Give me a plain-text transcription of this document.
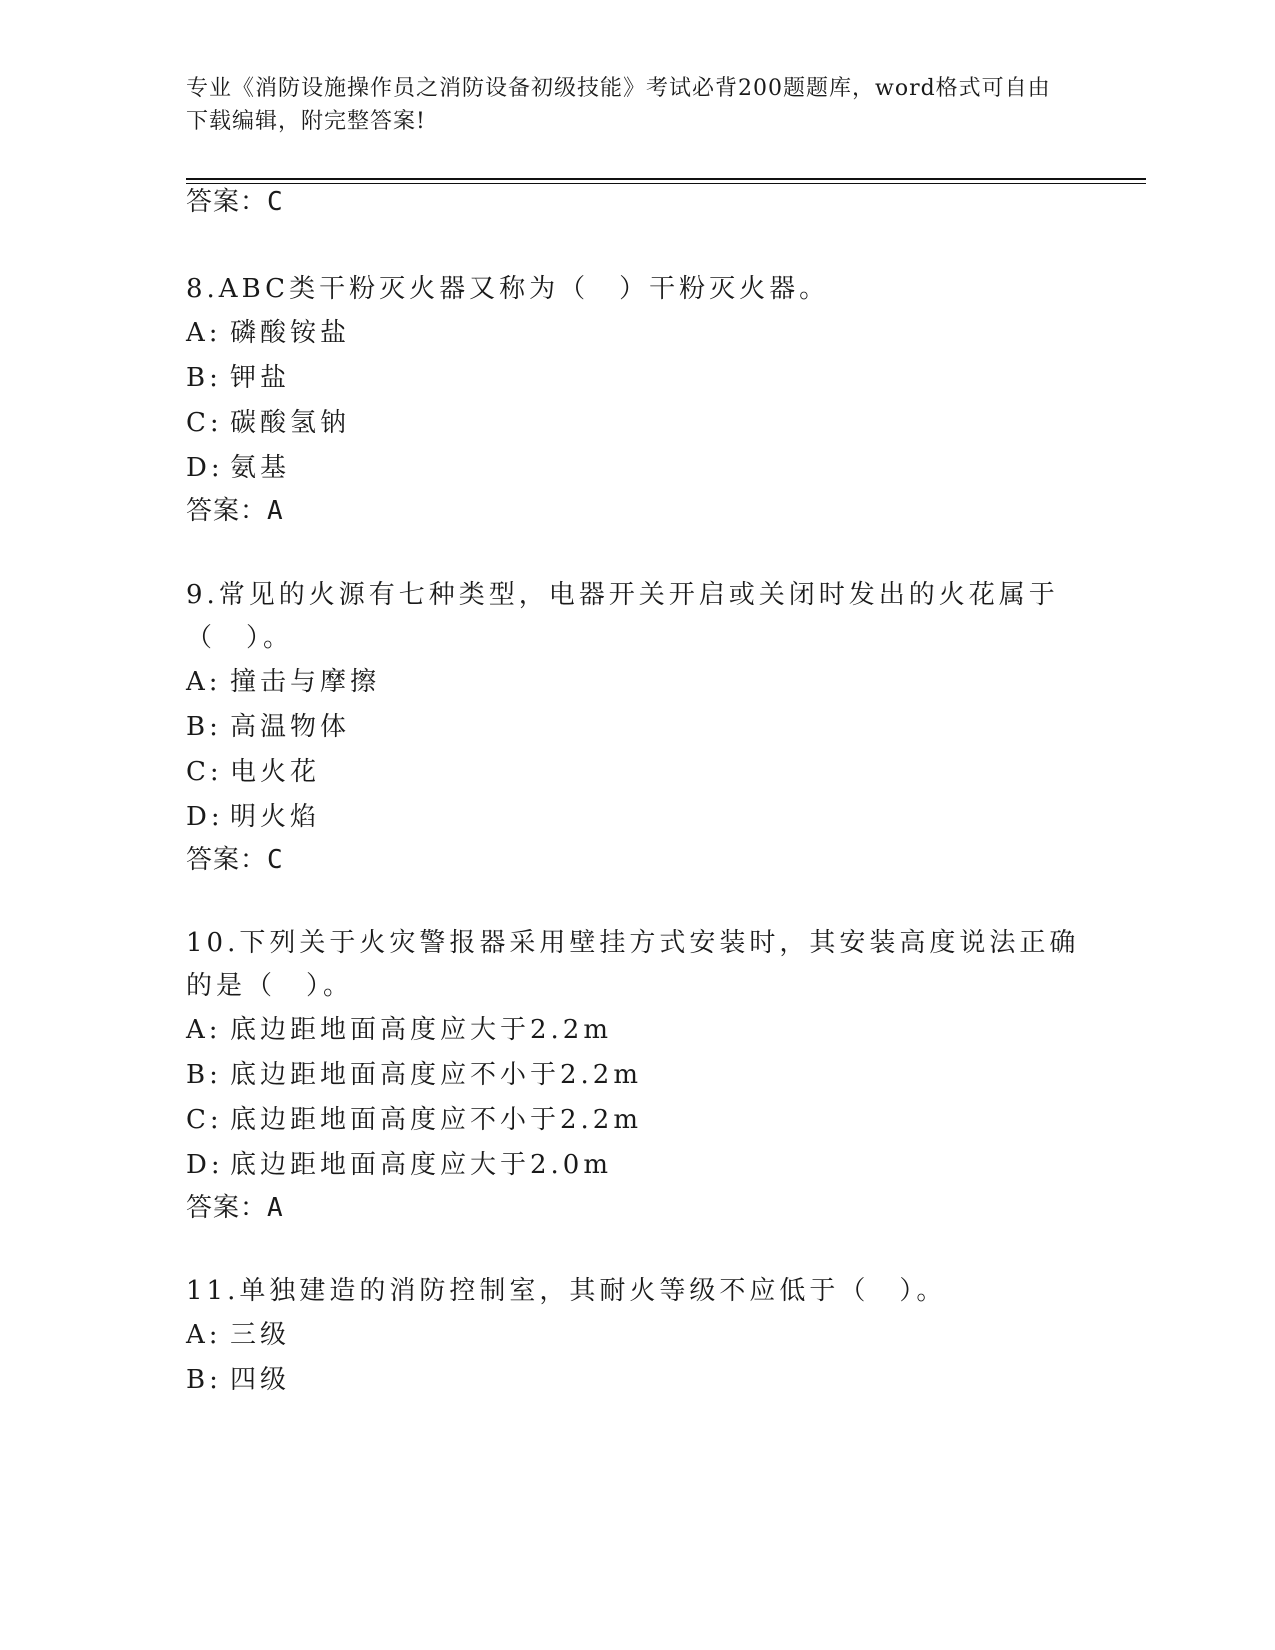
专业《消防设施操作员之消防设备初级技能》考试必背200题题库，word格式可自由下载编辑，附完整答案!
答案：C
8.ABC类干粉灭火器又称为（　）干粉灭火器。
A: 磷酸铵盐
B: 钾盐
C: 碳酸氢钠
D: 氨基
答案：A
9.常见的火源有七种类型，电器开关开启或关闭时发出的火花属于（　）。
A: 撞击与摩擦
B: 高温物体
C: 电火花
D: 明火焰
答案：C
10.下列关于火灾警报器采用壁挂方式安装时，其安装高度说法正确的是（　）。
A: 底边距地面高度应大于2.2m
B: 底边距地面高度应不小于2.2m
C: 底边距地面高度应不小于2.2m
D: 底边距地面高度应大于2.0m
答案：A
11.单独建造的消防控制室，其耐火等级不应低于（　）。
A: 三级
B: 四级
